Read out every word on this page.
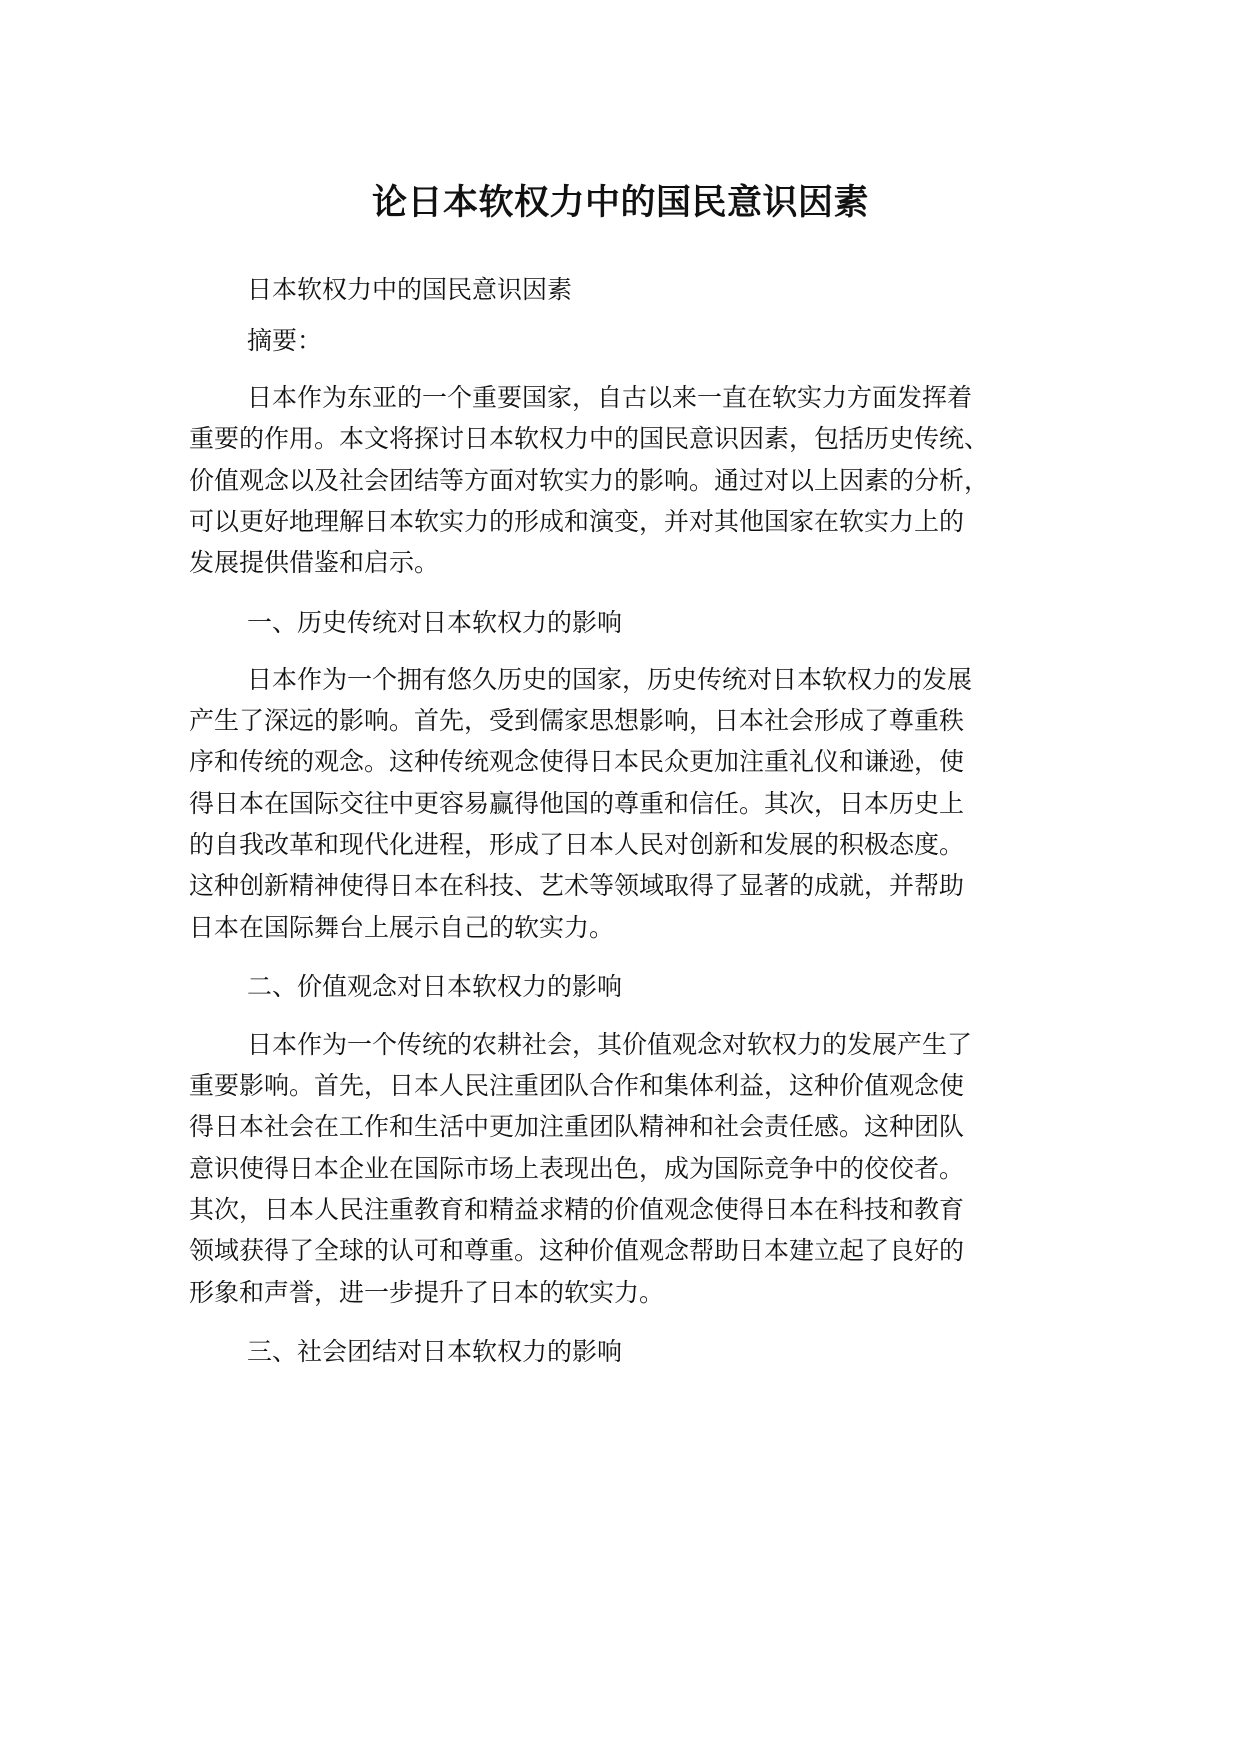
论日本软权力中的国民意识因素

日本软权力中的国民意识因素

摘要：

日本作为东亚的一个重要国家，自古以来一直在软实力方面发挥着

重要的作用。本文将探讨日本软权力中的国民意识因素，包括历史传统、

价值观念以及社会团结等方面对软实力的影响。通过对以上因素的分析，

可以更好地理解日本软实力的形成和演变，并对其他国家在软实力上的

发展提供借鉴和启示。

一、历史传统对日本软权力的影响

日本作为一个拥有悠久历史的国家，历史传统对日本软权力的发展

产生了深远的影响。首先，受到儒家思想影响，日本社会形成了尊重秩

序和传统的观念。这种传统观念使得日本民众更加注重礼仪和谦逊，使

得日本在国际交往中更容易赢得他国的尊重和信任。其次，日本历史上

的自我改革和现代化进程，形成了日本人民对创新和发展的积极态度。

这种创新精神使得日本在科技、艺术等领域取得了显著的成就，并帮助

日本在国际舞台上展示自己的软实力。

二、价值观念对日本软权力的影响

日本作为一个传统的农耕社会，其价值观念对软权力的发展产生了

重要影响。首先，日本人民注重团队合作和集体利益，这种价值观念使

得日本社会在工作和生活中更加注重团队精神和社会责任感。这种团队

意识使得日本企业在国际市场上表现出色，成为国际竞争中的佼佼者。

其次，日本人民注重教育和精益求精的价值观念使得日本在科技和教育

领域获得了全球的认可和尊重。这种价值观念帮助日本建立起了良好的

形象和声誉，进一步提升了日本的软实力。

三、社会团结对日本软权力的影响
